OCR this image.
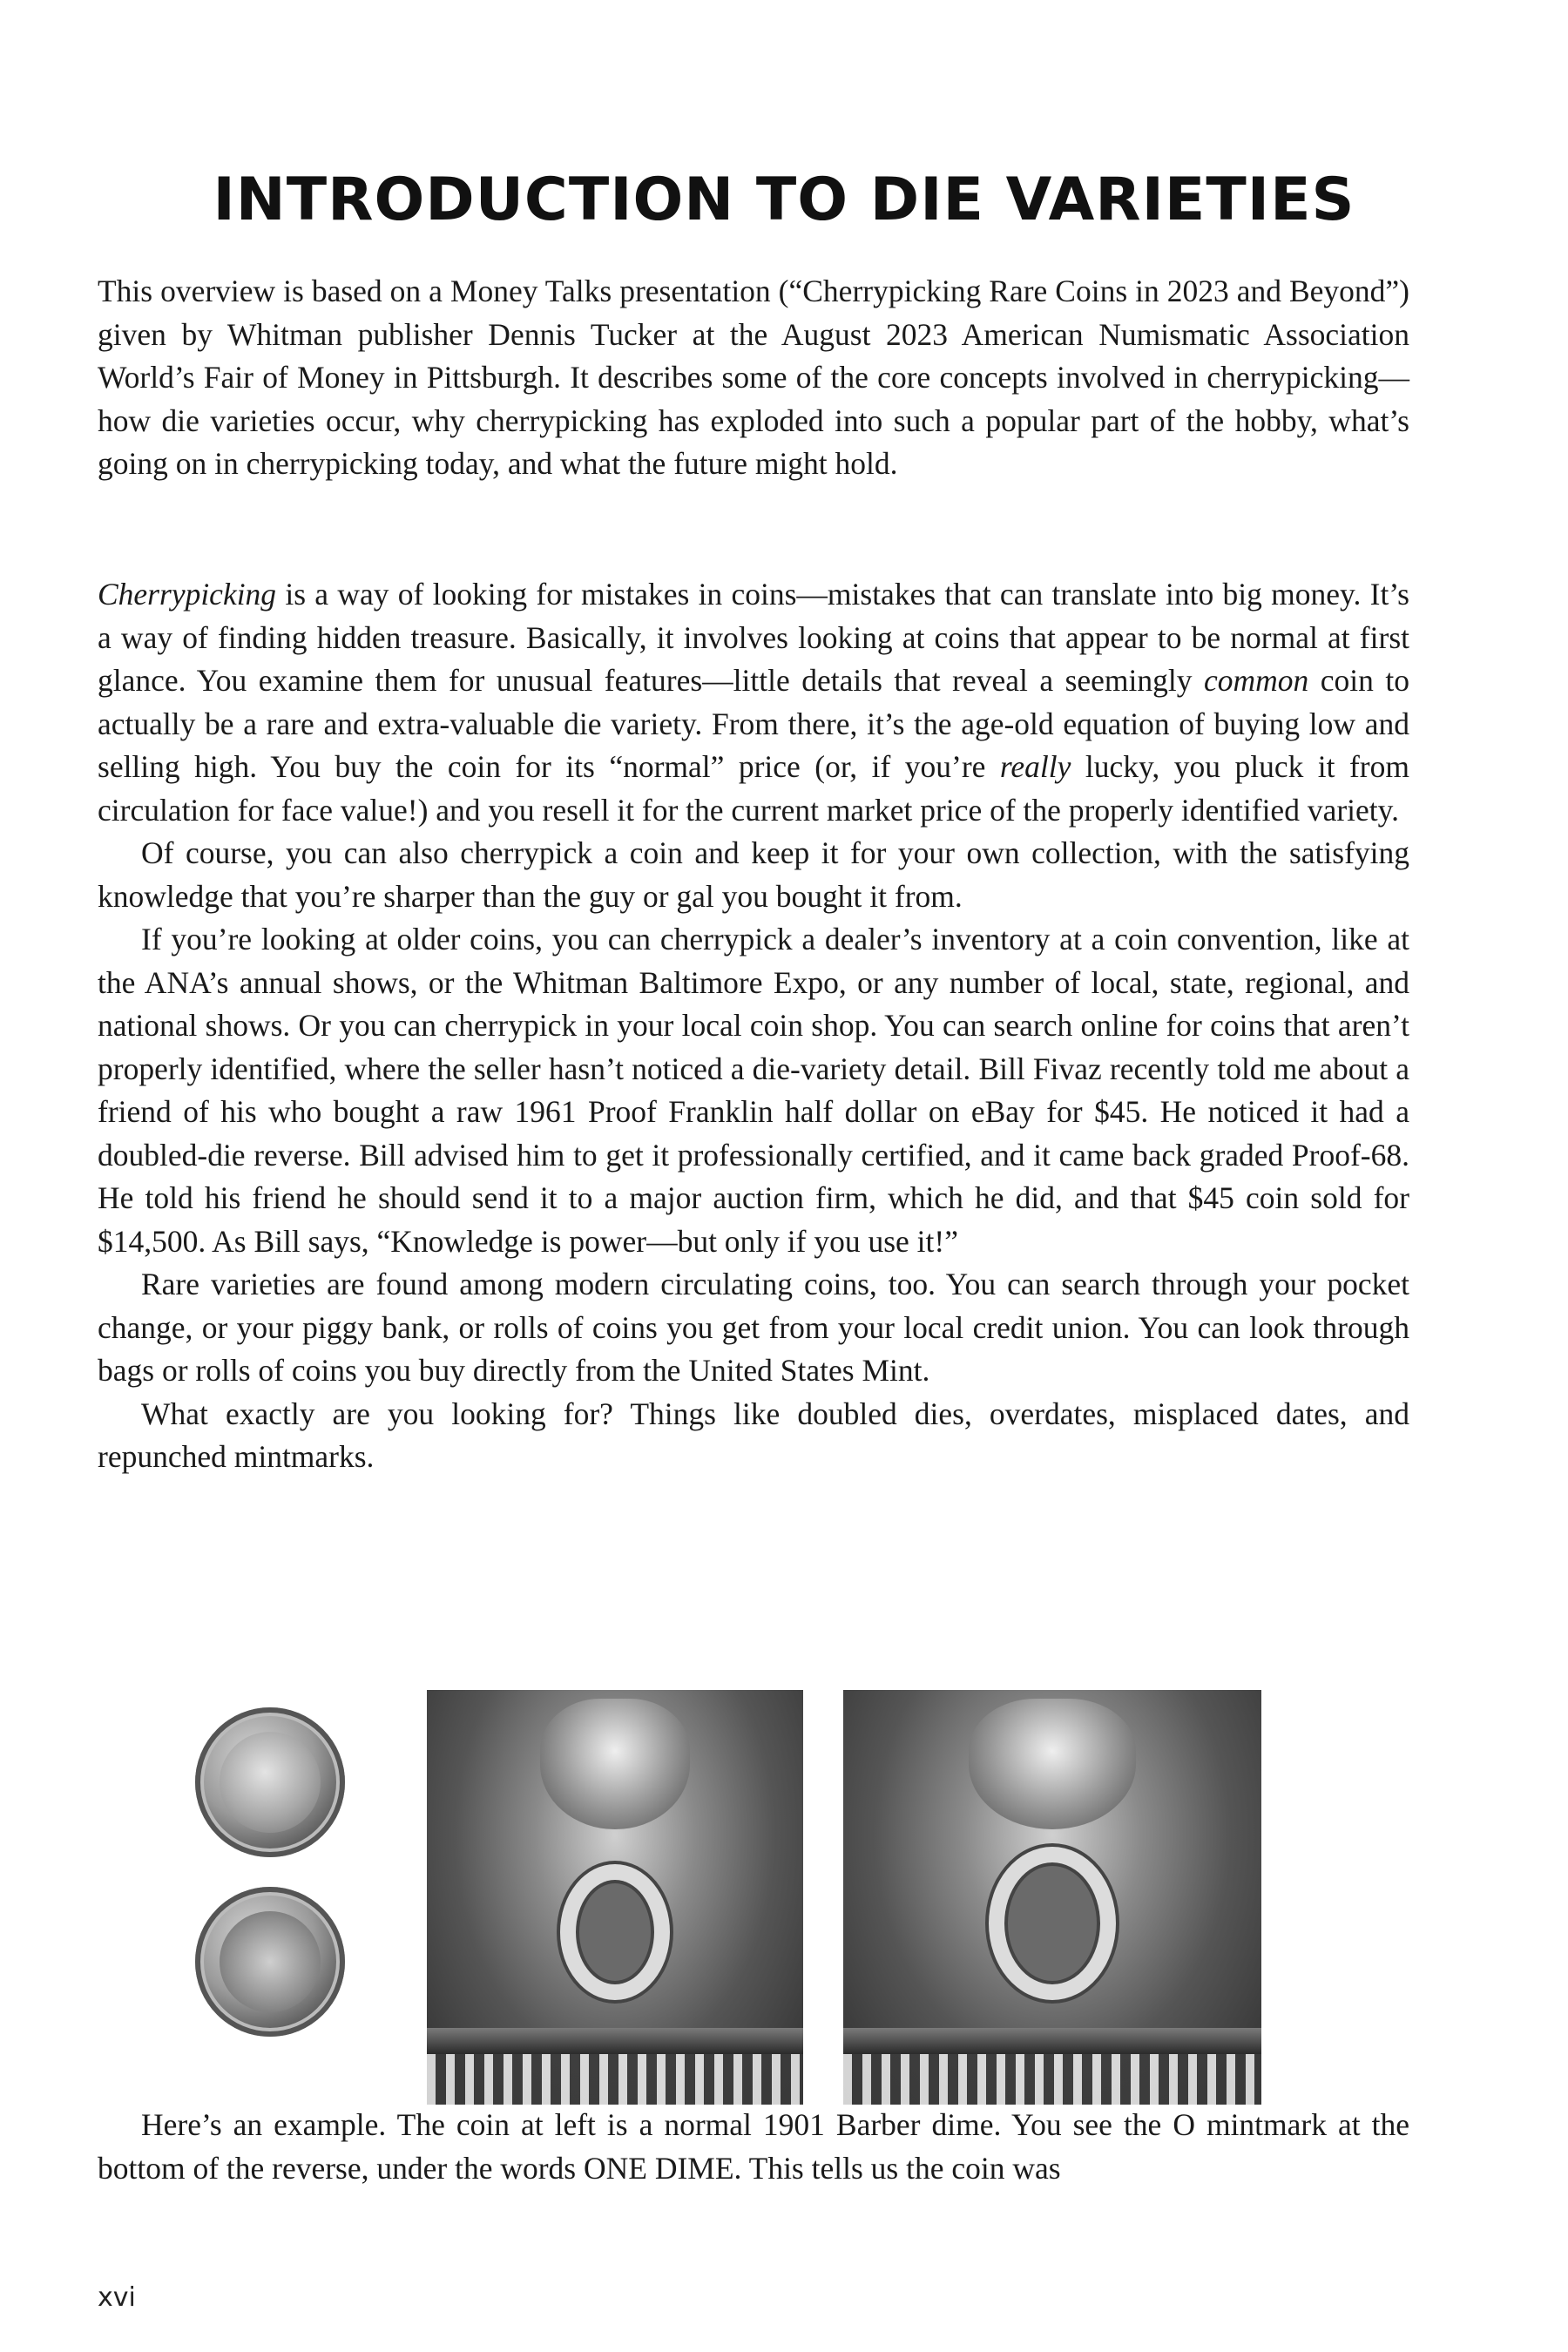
INTRODUCTION TO DIE VARIETIES

This overview is based on a Money Talks presentation (“Cherrypicking Rare Coins in 2023 and Beyond”) given by Whitman publisher Dennis Tucker at the August 2023 American Numismatic Association World’s Fair of Money in Pittsburgh. It describes some of the core concepts involved in cherrypicking—how die varieties occur, why cherrypicking has exploded into such a popular part of the hobby, what’s going on in cherrypicking today, and what the future might hold.

Cherrypicking is a way of looking for mistakes in coins—mistakes that can translate into big money. It’s a way of finding hidden treasure. Basically, it involves looking at coins that appear to be normal at first glance. You examine them for unusual features—little details that reveal a seemingly common coin to actually be a rare and extra-valuable die variety. From there, it’s the age-old equation of buying low and selling high. You buy the coin for its “normal” price (or, if you’re really lucky, you pluck it from circulation for face value!) and you resell it for the current market price of the properly identified variety.

Of course, you can also cherrypick a coin and keep it for your own collection, with the satisfying knowledge that you’re sharper than the guy or gal you bought it from.

If you’re looking at older coins, you can cherrypick a dealer’s inventory at a coin convention, like at the ANA’s annual shows, or the Whitman Baltimore Expo, or any number of local, state, regional, and national shows. Or you can cherrypick in your local coin shop. You can search online for coins that aren’t properly identified, where the seller hasn’t noticed a die-variety detail. Bill Fivaz recently told me about a friend of his who bought a raw 1961 Proof Franklin half dollar on eBay for $45. He noticed it had a doubled-die reverse. Bill advised him to get it professionally certified, and it came back graded Proof-68. He told his friend he should send it to a major auction firm, which he did, and that $45 coin sold for $14,500. As Bill says, “Knowledge is power—but only if you use it!”

Rare varieties are found among modern circulating coins, too. You can search through your pocket change, or your piggy bank, or rolls of coins you get from your local credit union. You can look through bags or rolls of coins you buy directly from the United States Mint.

What exactly are you looking for? Things like doubled dies, overdates, misplaced dates, and repunched mintmarks.

Here’s an example. The coin at left is a normal 1901 Barber dime. You see the O mintmark at the bottom of the reverse, under the words ONE DIME. This tells us the coin was

xvi
